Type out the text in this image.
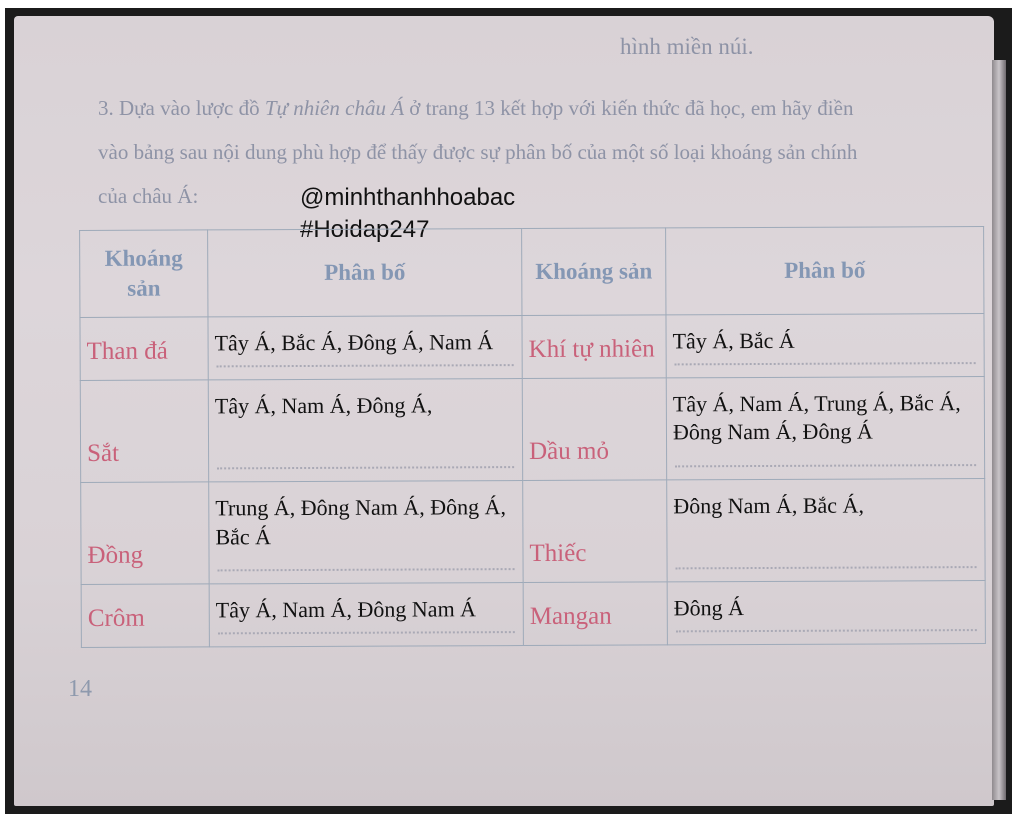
hình miền núi.
3. Dựa vào lược đồ Tự nhiên châu Á ở trang 13 kết hợp với kiến thức đã học, em hãy điền
vào bảng sau nội dung phù hợp để thấy được sự phân bố của một số loại khoáng sản chính
của châu Á:	@minhthanhhoabac
#Hoidap247
Khoáng sản	Phân bố	Khoáng sản	Phân bố
Than đá	Tây Á, Bắc Á, Đông Á, Nam Á	Khí tự nhiên	Tây Á, Bắc Á

Sắt	Tây Á, Nam Á, Đông Á,	Dầu mỏ	Tây Á, Nam Á, Trung Á, Bắc Á, Đông Nam Á, Đông Á

Đồng	Trung Á, Đông Nam Á, Đông Á, Bắc Á	Thiếc	Đông Nam Á, Bắc Á,

Crôm	Tây Á, Nam Á, Đông Nam Á	Mangan	Đông Á
14
